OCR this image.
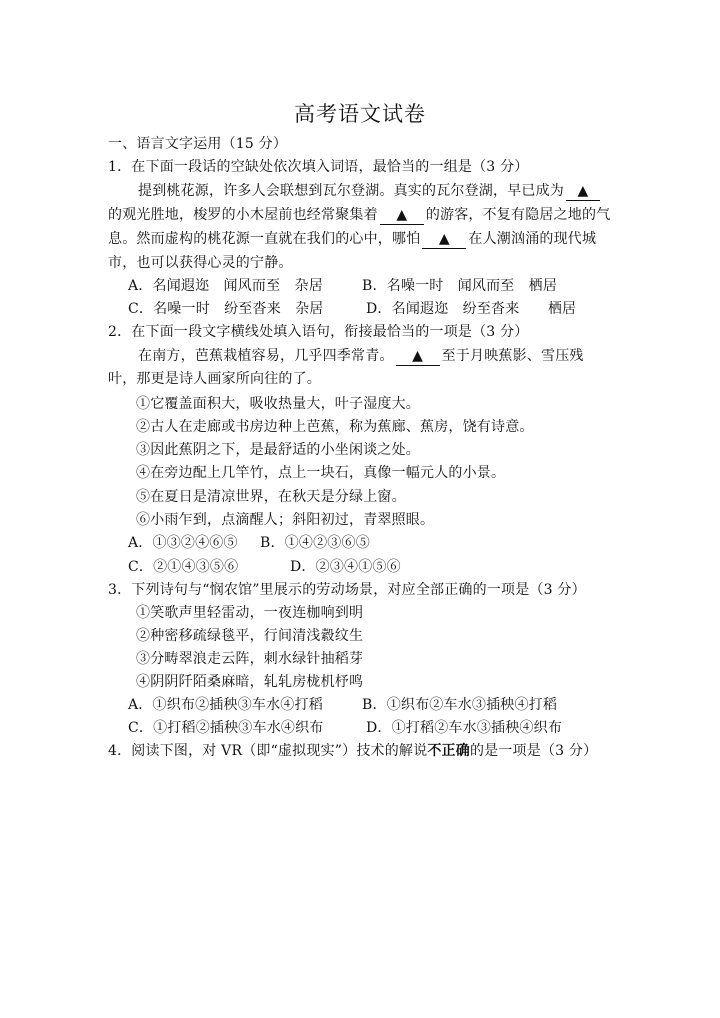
高考语文试卷
一、语言文字运用（15 分）
1．在下面一段话的空缺处依次填入词语，最恰当的一组是（3 分）
提到桃花源，许多人会联想到瓦尔登湖。真实的瓦尔登湖，早已成为 ▲
的观光胜地，梭罗的小木屋前也经常聚集着 ▲ 的游客，不复有隐居之地的气
息。然而虚构的桃花源一直就在我们的心中，哪怕 ▲ 在人潮汹涌的现代城
市，也可以获得心灵的宁静。
A．名闻遐迩　闻风而至　杂居	B．名噪一时　闻风而至　栖居
C．名噪一时　纷至沓来　杂居	D．名闻遐迩　纷至沓来　　栖居
2．在下面一段文字横线处填入语句，衔接最恰当的一项是（3 分）
在南方，芭蕉栽植容易，几乎四季常青。 ▲ 至于月映蕉影、雪压残
叶，那更是诗人画家所向往的了。
①它覆盖面积大，吸收热量大，叶子湿度大。
②古人在走廊或书房边种上芭蕉，称为蕉廊、蕉房，饶有诗意。
③因此蕉阴之下，是最舒适的小坐闲谈之处。
④在旁边配上几竿竹，点上一块石，真像一幅元人的小景。
⑤在夏日是清凉世界，在秋天是分绿上窗。
⑥小雨乍到，点滴醒人；斜阳初过，青翠照眼。
A．①③②④⑥⑤ B．①④②③⑥⑤
C．②①④③⑤⑥	D．②③④①⑤⑥
3．下列诗句与“悯农馆”里展示的劳动场景，对应全部正确的一项是（3 分）
①笑歌声里轻雷动，一夜连枷响到明
②种密移疏绿毯平，行间清浅縠纹生
③分畴翠浪走云阵，刺水绿针抽稻芽
④阴阴阡陌桑麻暗，轧轧房栊机杼鸣
A．①织布②插秧③车水④打稻	B．①织布②车水③插秧④打稻
C．①打稻②插秧③车水④织布	D．①打稻②车水③插秧④织布
4．阅读下图，对 VR（即“虚拟现实”）技术的解说不正确的是一项是（3 分）
